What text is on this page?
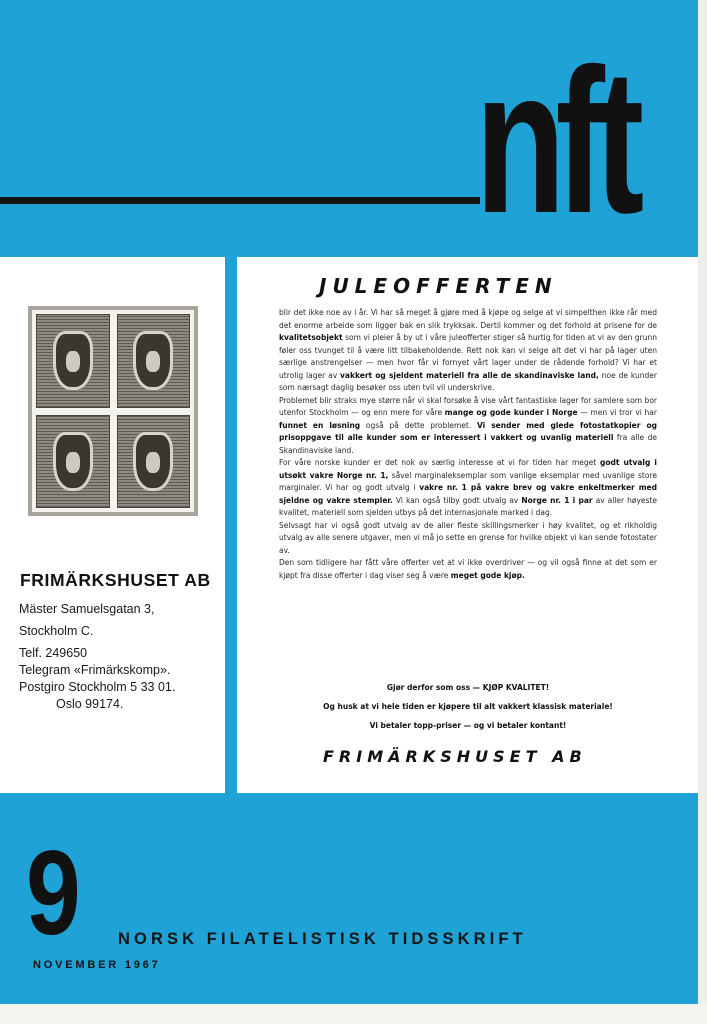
nft
FRIMÄRKSHUSET AB
Mäster Samuelsgatan 3,
Stockholm C.
Telf. 249650
Telegram «Frimärkskomp».
Postgiro Stockholm 5 33 01.
Oslo 99174.
JULEOFFERTEN

blir det ikke noe av i år. Vi har så meget å gjøre med å kjøpe og selge at vi simpelthen ikke rår med det enorme arbeide som ligger bak en slik trykksak. Dertil kommer og det forhold at prisene for de kvalitetsobjekt som vi pleier å by ut i våre juleofferter stiger så hurtig for tiden at vi av den grunn føler oss tvunget til å være litt tilbakeholdende. Rett nok kan vi selge alt det vi har på lager uten særlige anstrengelser — men hvor får vi fornyet vårt lager under de rådende forhold? Vi har et utrolig lager av vakkert og sjeldent materiell fra alle de skandinaviske land, noe de kunder som nærsagt daglig besøker oss uten tvil vil underskrive.

Problemet blir straks mye større når vi skal forsøke å vise vårt fantastiske lager for samlere som bor utenfor Stockholm — og enn mere for våre mange og gode kunder i Norge — men vi tror vi har funnet en løsning også på dette problemet. Vi sender med glede fotostatkopier og prisoppgave til alle kunder som er interessert i vakkert og uvanlig materiell fra alle de Skandinaviske land.

For våre norske kunder er det nok av særlig interesse at vi for tiden har meget godt utvalg i utsøkt vakre Norge nr. 1, såvel marginaleksemplar som vanlige eksemplar med uvanlige store marginaler. Vi har og godt utvalg i vakre nr. 1 på vakre brev og vakre enkeltmerker med sjeldne og vakre stempler. Vi kan også tilby godt utvalg av Norge nr. 1 i par av aller høyeste kvalitet, materiell som sjelden utbys på det internasjonale marked i dag.

Selvsagt har vi også godt utvalg av de aller fleste skillingsmerker i høy kvalitet, og et rikholdig utvalg av alle senere utgaver, men vi må jo sette en grense for hvilke objekt vi kan sende fotostater av.

Den som tidligere har fått våre offerter vet at vi ikke overdriver — og vil også finne at det som er kjøpt fra disse offerter i dag viser seg å være meget gode kjøp.

Gjør derfor som oss — KJØP KVALITET!
Og husk at vi hele tiden er kjøpere til alt vakkert klassisk materiale!
Vi betaler topp-priser — og vi betaler kontant!
FRIMÄRKSHUSET AB
9 NORSK FILATELISTISK TIDSSKRIFT
NOVEMBER 1967
